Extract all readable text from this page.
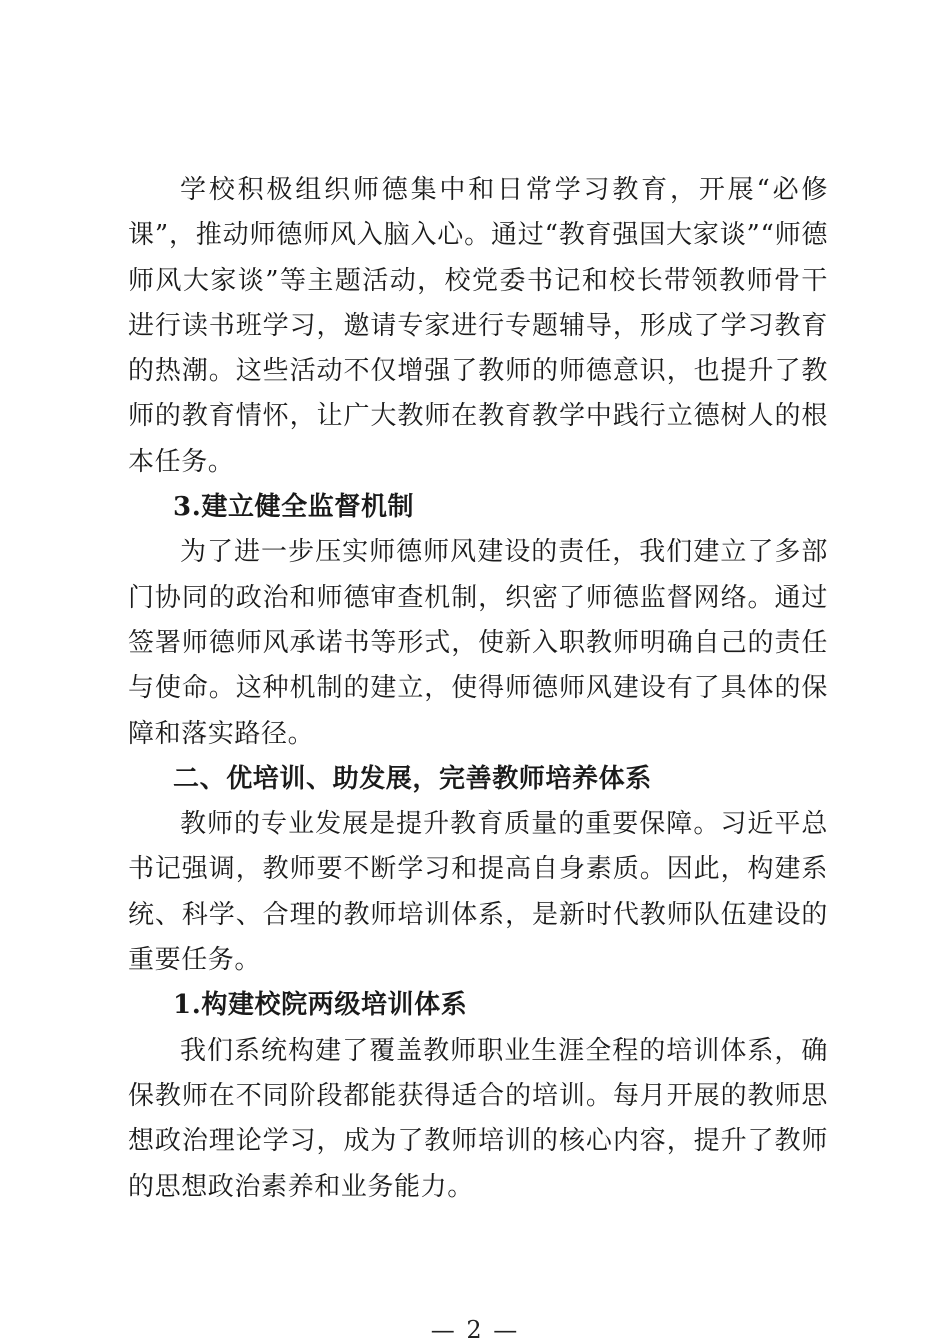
学校积极组织师德集中和日常学习教育，开展“必修课”，推动师德师风入脑入心。通过“教育强国大家谈”“师德师风大家谈”等主题活动，校党委书记和校长带领教师骨干进行读书班学习，邀请专家进行专题辅导，形成了学习教育的热潮。这些活动不仅增强了教师的师德意识，也提升了教师的教育情怀，让广大教师在教育教学中践行立德树人的根本任务。

3.建立健全监督机制

为了进一步压实师德师风建设的责任，我们建立了多部门协同的政治和师德审查机制，织密了师德监督网络。通过签署师德师风承诺书等形式，使新入职教师明确自己的责任与使命。这种机制的建立，使得师德师风建设有了具体的保障和落实路径。

二、优培训、助发展，完善教师培养体系

教师的专业发展是提升教育质量的重要保障。习近平总书记强调，教师要不断学习和提高自身素质。因此，构建系统、科学、合理的教师培训体系，是新时代教师队伍建设的重要任务。

1.构建校院两级培训体系

我们系统构建了覆盖教师职业生涯全程的培训体系，确保教师在不同阶段都能获得适合的培训。每月开展的教师思想政治理论学习，成为了教师培训的核心内容，提升了教师的思想政治素养和业务能力。

— 2 —
